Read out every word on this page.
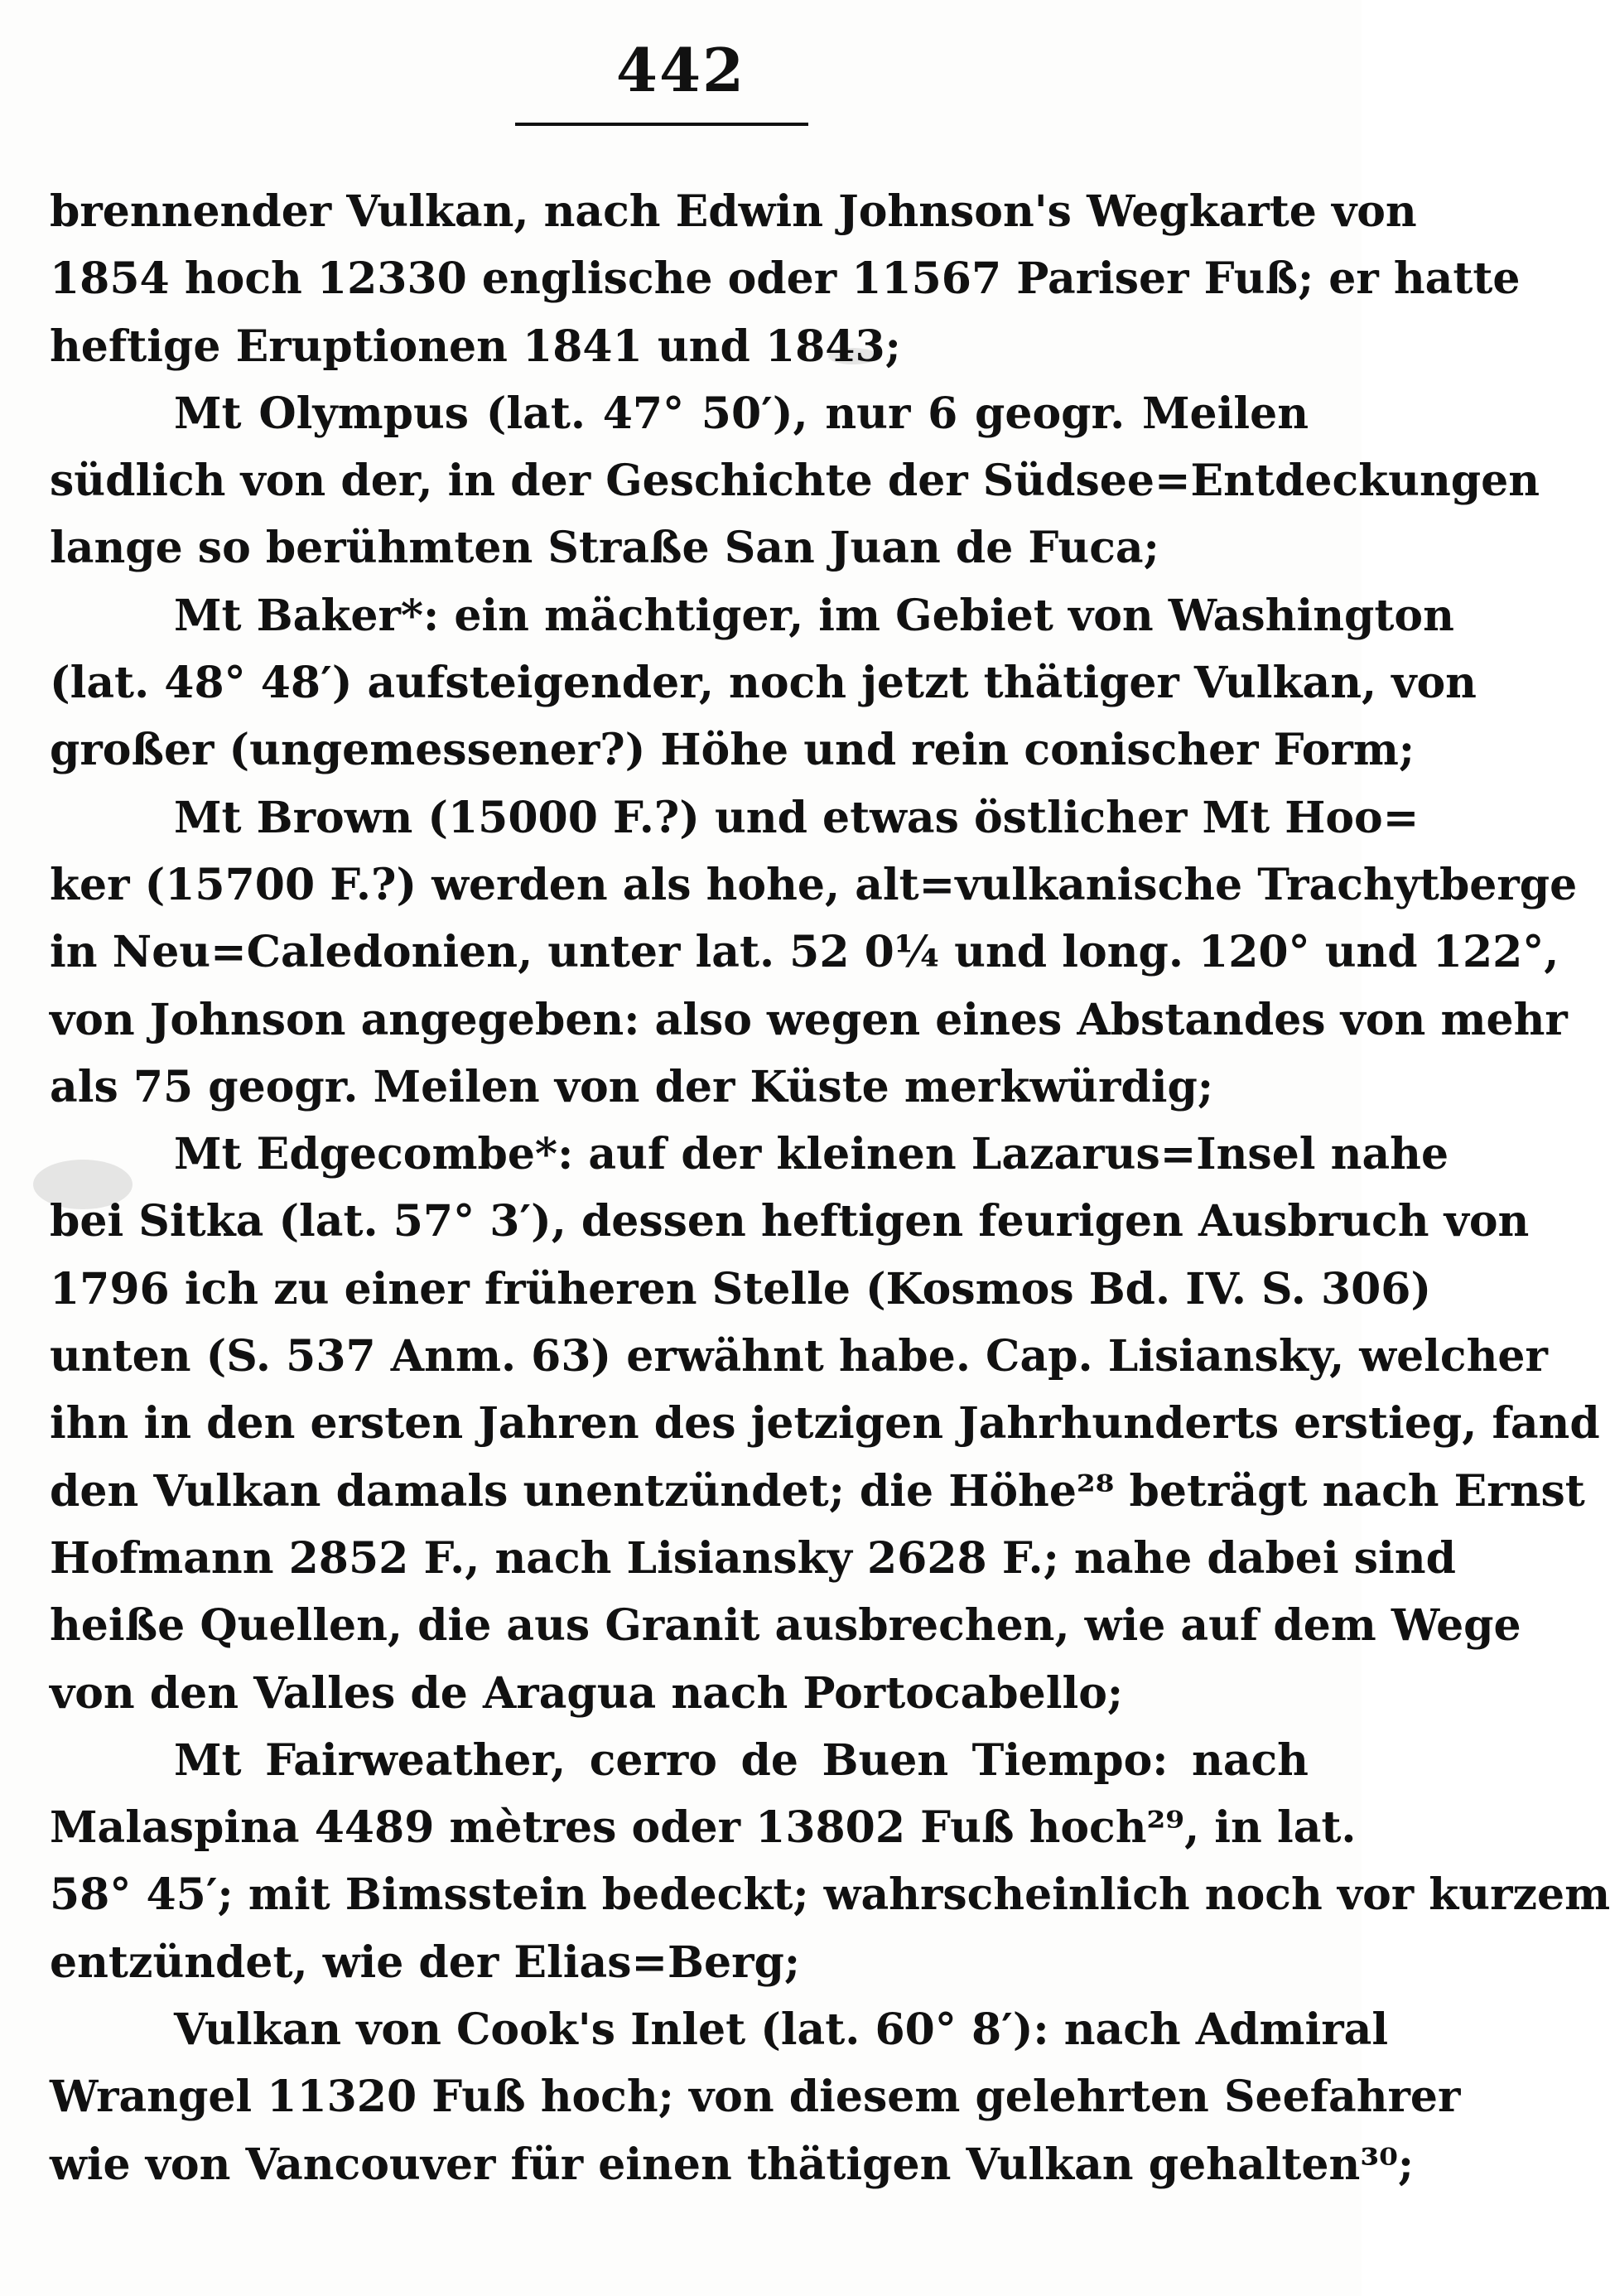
442
brennender Vulkan, nach Edwin Johnson's Wegkarte von
1854 hoch 12330 englische oder 11567 Pariser Fuß; er hatte
heftige Eruptionen 1841 und 1843;
Mt Olympus (lat. 47° 50′), nur 6 geogr. Meilen
südlich von der, in der Geschichte der Südsee=Entdeckungen
lange so berühmten Straße San Juan de Fuca;
Mt Baker*: ein mächtiger, im Gebiet von Washington
(lat. 48° 48′) aufsteigender, noch jetzt thätiger Vulkan, von
großer (ungemessener?) Höhe und rein conischer Form;
Mt Brown (15000 F.?) und etwas östlicher Mt Hoo=
ker (15700 F.?) werden als hohe, alt=vulkanische Trachytberge
in Neu=Caledonien, unter lat. 52 0¼ und long. 120° und 122°,
von Johnson angegeben: also wegen eines Abstandes von mehr
als 75 geogr. Meilen von der Küste merkwürdig;
Mt Edgecombe*: auf der kleinen Lazarus=Insel nahe
bei Sitka (lat. 57° 3′), dessen heftigen feurigen Ausbruch von
1796 ich zu einer früheren Stelle (Kosmos Bd. IV. S. 306)
unten (S. 537 Anm. 63) erwähnt habe. Cap. Lisiansky, welcher
ihn in den ersten Jahren des jetzigen Jahrhunderts erstieg, fand
den Vulkan damals unentzündet; die Höhe²⁸ beträgt nach Ernst
Hofmann 2852 F., nach Lisiansky 2628 F.; nahe dabei sind
heiße Quellen, die aus Granit ausbrechen, wie auf dem Wege
von den Valles de Aragua nach Portocabello;
Mt Fairweather, cerro de Buen Tiempo: nach
Malaspina 4489 mètres oder 13802 Fuß hoch²⁹, in lat.
58° 45′; mit Bimsstein bedeckt; wahrscheinlich noch vor kurzem
entzündet, wie der Elias=Berg;
Vulkan von Cook's Inlet (lat. 60° 8′): nach Admiral
Wrangel 11320 Fuß hoch; von diesem gelehrten Seefahrer
wie von Vancouver für einen thätigen Vulkan gehalten³⁰;
